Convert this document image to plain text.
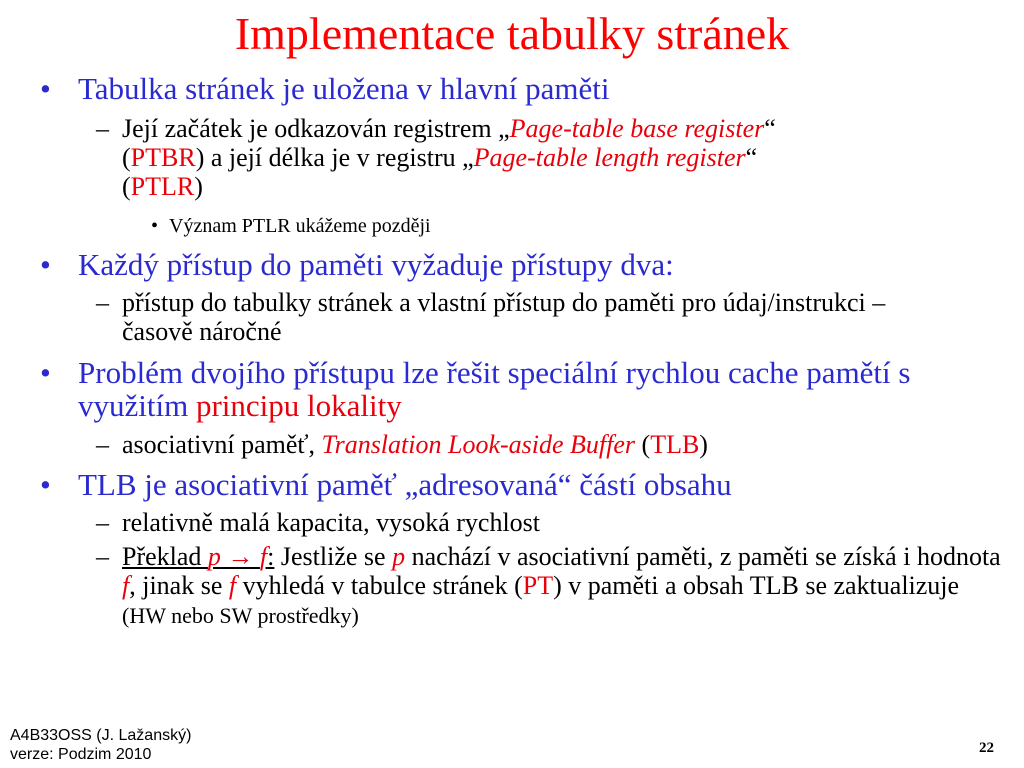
Implementace tabulky stránek
• Tabulka stránek je uložena v hlavní paměti
– Její začátek je odkazován registrem „Page-table base register“
(PTBR) a její délka je v registru „Page-table length register“
(PTLR)
• Význam PTLR ukážeme později
• Každý přístup do paměti vyžaduje přístupy dva:
– přístup do tabulky stránek a vlastní přístup do paměti pro údaj/instrukci – časově náročné
• Problém dvojího přístupu lze řešit speciální rychlou cache pamětí s využitím principu lokality
– asociativní paměť, Translation Look-aside Buffer (TLB)
• TLB je asociativní paměť „adresovaná“ částí obsahu
– relativně malá kapacita, vysoká rychlost
– Překlad p → f: Jestliže se p nachází v asociativní paměti, z paměti se získá i hodnota f, jinak se f vyhledá v tabulce stránek (PT) v paměti a obsah TLB se zaktualizuje (HW nebo SW prostředky)
A4B33OSS (J. Lažanský)
verze: Podzim 2010	22
